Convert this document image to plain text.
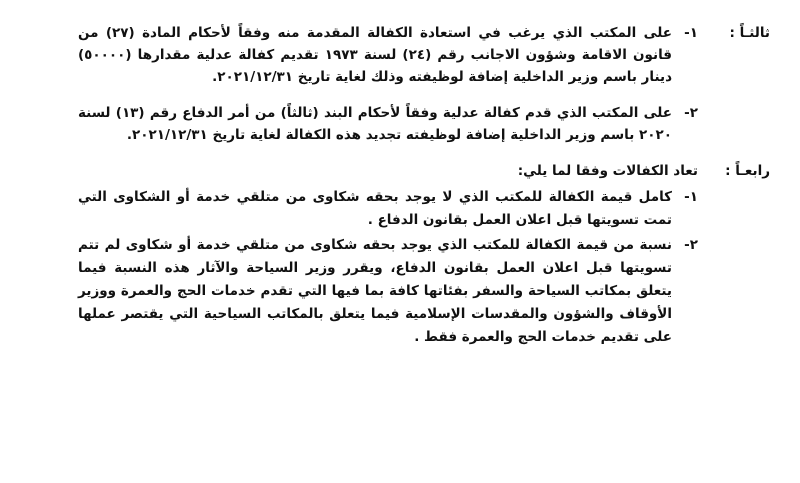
ثالثـاً :
١-
على المكتب الذي يرغب في استعادة الكفالة المقدمة منه وفقاً لأحكام المادة (٢٧) من قانون الاقامة وشؤون الاجانب رقم (٢٤) لسنة ١٩٧٣ تقديم كفالة عدلية مقدارها (٥٠٠٠٠) دينار باسم وزير الداخلية إضافة لوظيفته وذلك لغاية تاريخ ٢٠٢١/١٢/٣١.
٢-
على المكتب الذي قدم كفالة عدلية وفقاً لأحكام البند (ثالثاً) من أمر الدفاع رقم (١٣) لسنة ٢٠٢٠ باسم وزير الداخلية إضافة لوظيفته تجديد هذه الكفالة لغاية تاريخ ٢٠٢١/١٢/٣١.
رابعـاً :
تعاد الكفالات وفقا لما يلي:
١-
كامل قيمة الكفالة للمكتب الذي لا يوجد بحقه شكاوى من متلقي خدمة أو الشكاوى التي تمت تسويتها قبل اعلان العمل بقانون الدفاع .
٢-
نسبة من قيمة الكفالة للمكتب الذي يوجد بحقه شكاوى من متلقي خدمة أو شكاوى لم تتم تسويتها قبل اعلان العمل بقانون الدفاع، ويقرر وزير السياحة والآثار هذه النسبة فيما يتعلق بمكاتب السياحة والسفر بفئاتها كافة بما فيها التي تقدم خدمات الحج والعمرة ووزير الأوقاف والشؤون والمقدسات الإسلامية فيما يتعلق بالمكاتب السياحية التي يقتصر عملها على تقديم خدمات الحج والعمرة فقط .
